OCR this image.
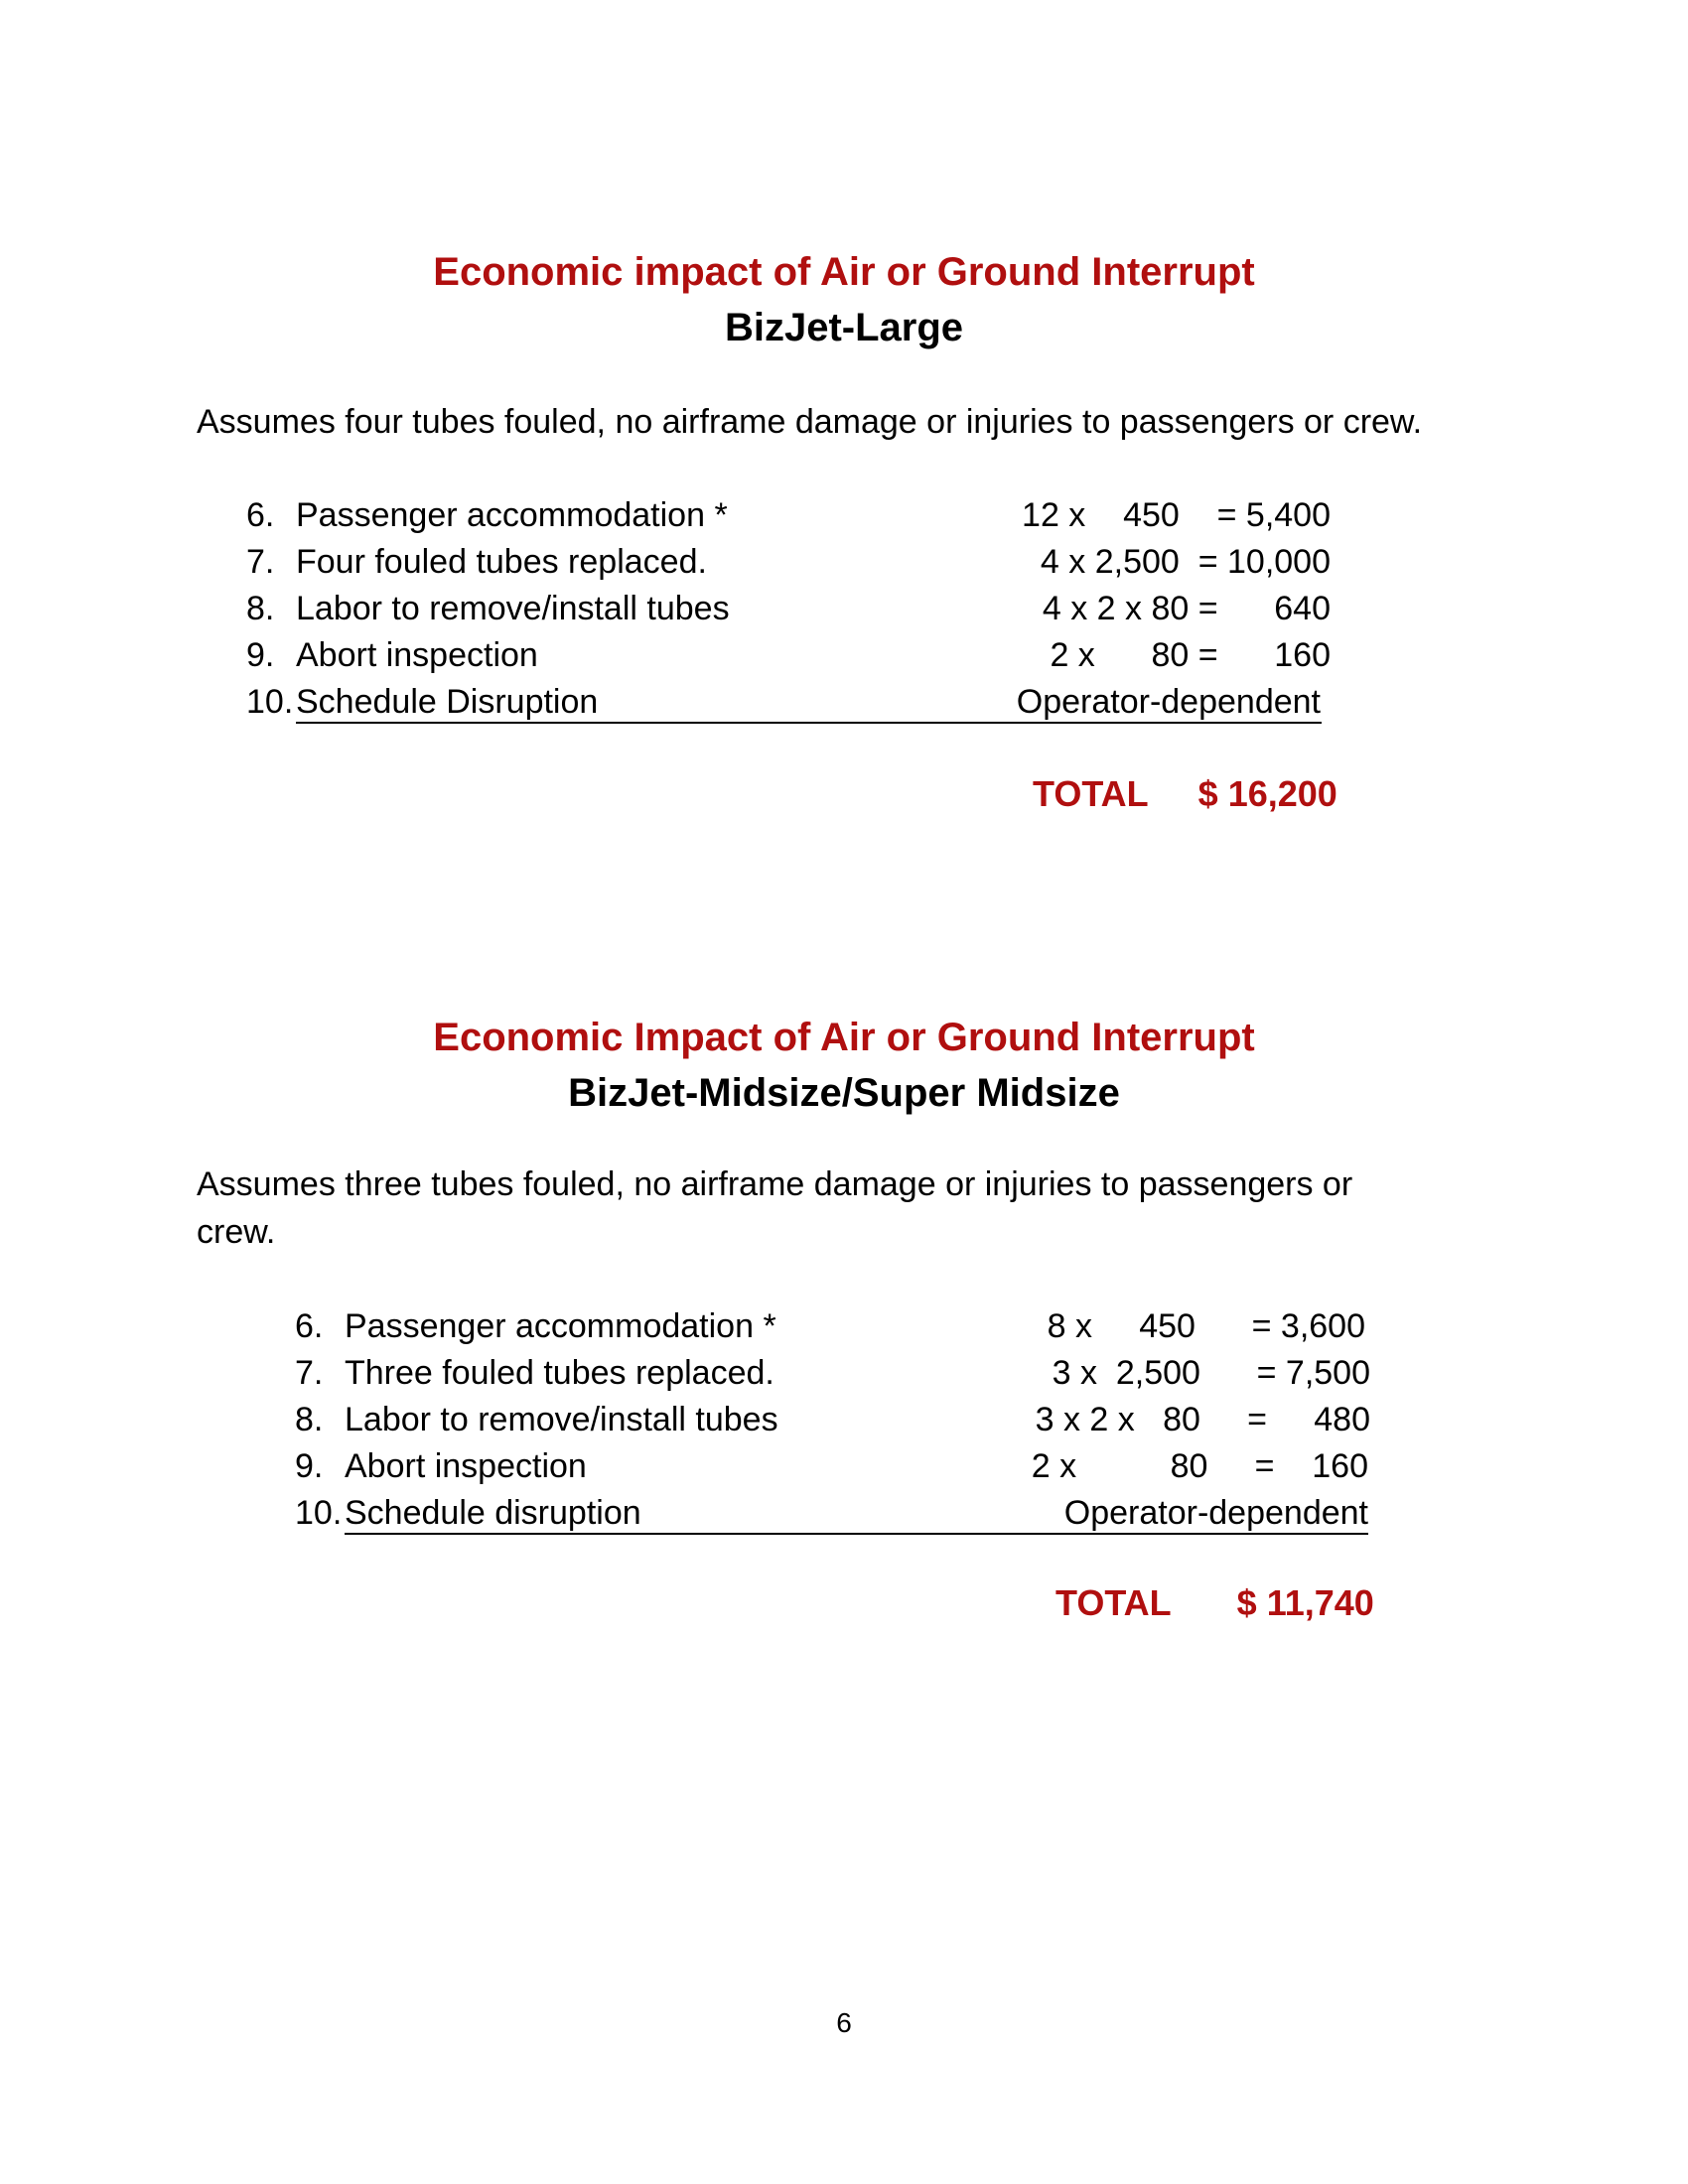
Economic impact of Air or Ground Interrupt

BizJet-Large

Assumes four tubes fouled, no airframe damage or injuries to passengers or crew.

6. Passenger accommodation *
7. Four fouled tubes replaced.
8. Labor to remove/install tubes
9. Abort inspection
10. Schedule Disruption
12 x    450    = 5,400
4 x 2,500  = 10,000
4 x 2 x 80 =      640
2 x      80 =      160
Operator-dependent
TOTAL $ 16,200

Economic Impact of Air or Ground Interrupt

BizJet-Midsize/Super Midsize

Assumes three tubes fouled, no airframe damage or injuries to passengers or

crew.

6. Passenger accommodation *
7. Three fouled tubes replaced.
8. Labor to remove/install tubes
9. Abort inspection
10. Schedule disruption
8 x     450      = 3,600
3 x  2,500      = 7,500
3 x 2 x   80     =     480
2 x          80     =    160
Operator-dependent
TOTAL $ 11,740
6
